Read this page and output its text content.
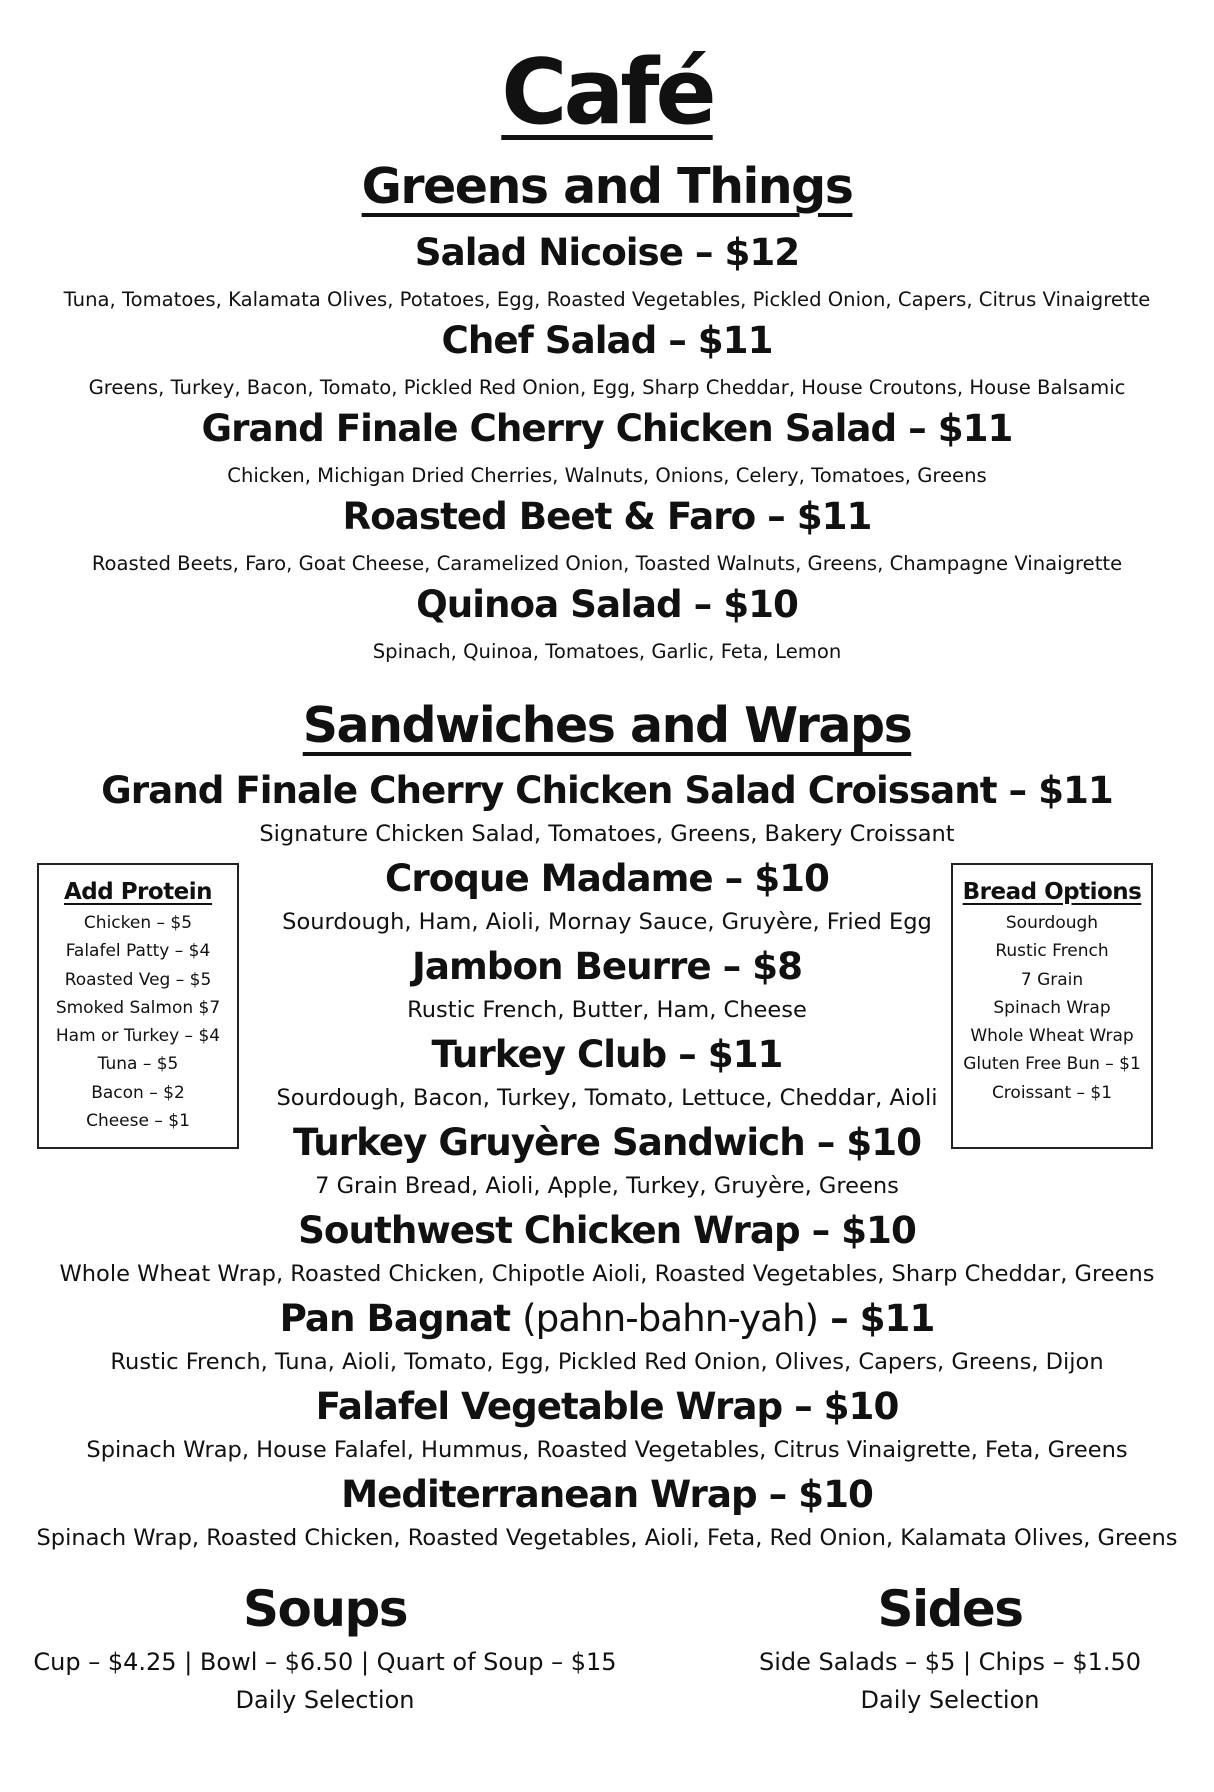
Café
Greens and Things
Salad Nicoise – $12
Tuna, Tomatoes, Kalamata Olives, Potatoes, Egg, Roasted Vegetables, Pickled Onion, Capers, Citrus Vinaigrette
Chef Salad – $11
Greens, Turkey, Bacon, Tomato, Pickled Red Onion, Egg, Sharp Cheddar, House Croutons, House Balsamic
Grand Finale Cherry Chicken Salad – $11
Chicken, Michigan Dried Cherries, Walnuts, Onions, Celery, Tomatoes, Greens
Roasted Beet & Faro – $11
Roasted Beets, Faro, Goat Cheese, Caramelized Onion, Toasted Walnuts, Greens, Champagne Vinaigrette
Quinoa Salad – $10
Spinach, Quinoa, Tomatoes, Garlic, Feta, Lemon
Sandwiches and Wraps
Grand Finale Cherry Chicken Salad Croissant – $11
Signature Chicken Salad, Tomatoes, Greens, Bakery Croissant
Croque Madame – $10
Sourdough, Ham, Aioli, Mornay Sauce, Gruyère, Fried Egg
Jambon Beurre – $8
Rustic French, Butter, Ham, Cheese
Turkey Club – $11
Sourdough, Bacon, Turkey, Tomato, Lettuce, Cheddar, Aioli
Turkey Gruyère Sandwich – $10
7 Grain Bread, Aioli, Apple, Turkey, Gruyère, Greens
Southwest Chicken Wrap – $10
Whole Wheat Wrap, Roasted Chicken, Chipotle Aioli, Roasted Vegetables, Sharp Cheddar, Greens
Pan Bagnat (pahn-bahn-yah) – $11
Rustic French, Tuna, Aioli, Tomato, Egg, Pickled Red Onion, Olives, Capers, Greens, Dijon
Falafel Vegetable Wrap – $10
Spinach Wrap, House Falafel, Hummus, Roasted Vegetables, Citrus Vinaigrette, Feta, Greens
Mediterranean Wrap – $10
Spinach Wrap, Roasted Chicken, Roasted Vegetables, Aioli, Feta, Red Onion, Kalamata Olives, Greens
Add Protein
Chicken – $5
Falafel Patty – $4
Roasted Veg – $5
Smoked Salmon $7
Ham or Turkey – $4
Tuna – $5
Bacon – $2
Cheese – $1
Bread Options
Sourdough
Rustic French
7 Grain
Spinach Wrap
Whole Wheat Wrap
Gluten Free Bun – $1
Croissant – $1
Soups
Cup – $4.25 | Bowl – $6.50 | Quart of Soup – $15
Daily Selection
Sides
Side Salads – $5 | Chips – $1.50
Daily Selection
